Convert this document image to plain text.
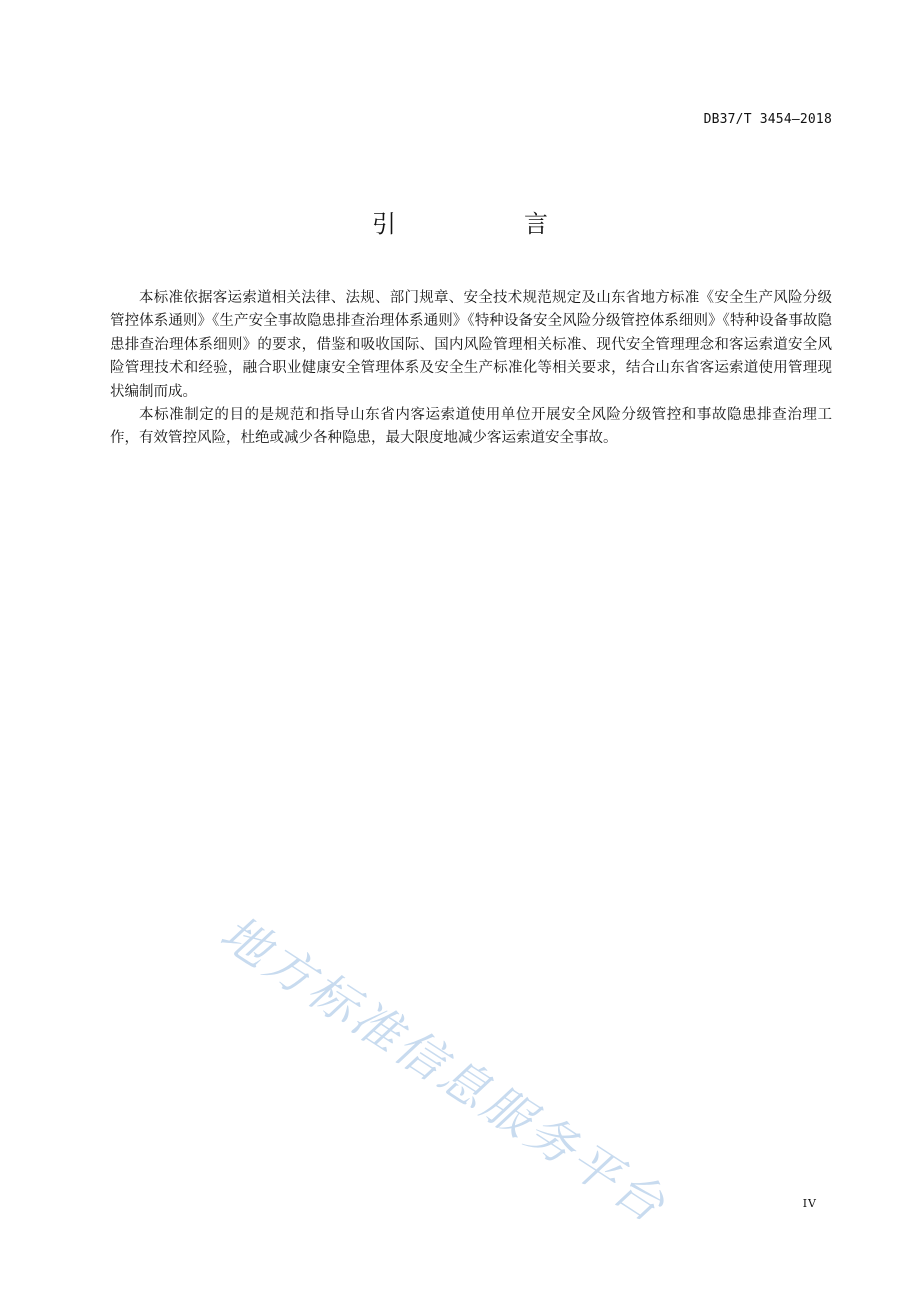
DB37/T 3454—2018
引　言

本标准依据客运索道相关法律、法规、部门规章、安全技术规范规定及山东省地方标准《安全生产风险分级管控体系通则》《生产安全事故隐患排查治理体系通则》《特种设备安全风险分级管控体系细则》《特种设备事故隐患排查治理体系细则》的要求，借鉴和吸收国际、国内风险管理相关标准、现代安全管理理念和客运索道安全风险管理技术和经验，融合职业健康安全管理体系及安全生产标准化等相关要求，结合山东省客运索道使用管理现状编制而成。

本标准制定的目的是规范和指导山东省内客运索道使用单位开展安全风险分级管控和事故隐患排查治理工作，有效管控风险，杜绝或减少各种隐患，最大限度地减少客运索道安全事故。

地方标准信息服务平台	IV
